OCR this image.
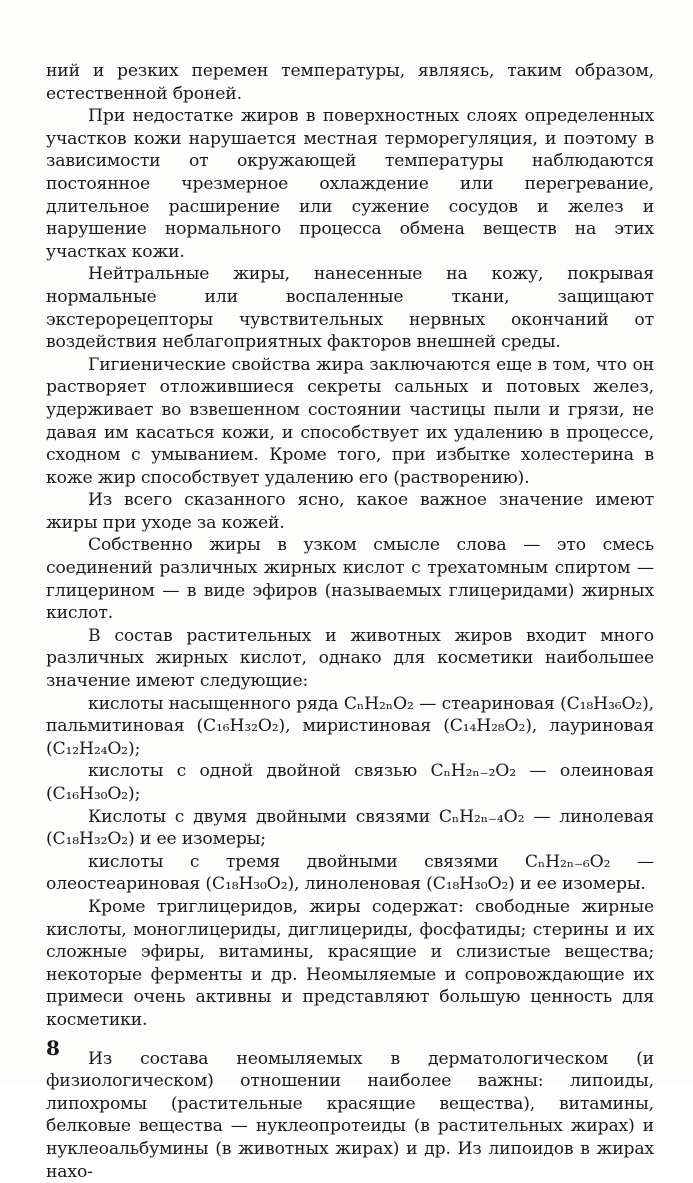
ний и резких перемен температуры, являясь, таким образом, естественной броней.

При недостатке жиров в поверхностных слоях определенных участков кожи нарушается местная терморегуляция, и поэтому в зависимости от окружающей температуры наблюдаются постоянное чрезмерное охлаждение или перегревание, длительное расширение или сужение сосудов и желез и нарушение нормального процесса обмена веществ на этих участках кожи.

Нейтральные жиры, нанесенные на кожу, покрывая нормальные или воспаленные ткани, защищают экстерорецепторы чувствительных нервных окончаний от воздействия неблагоприятных факторов внешней среды.

Гигиенические свойства жира заключаются еще в том, что он растворяет отложившиеся секреты сальных и потовых желез, удерживает во взвешенном состоянии частицы пыли и грязи, не давая им касаться кожи, и способствует их удалению в процессе, сходном с умыванием. Кроме того, при избытке холестерина в коже жир способствует удалению его (растворению).

Из всего сказанного ясно, какое важное значение имеют жиры при уходе за кожей.

Собственно жиры в узком смысле слова — это смесь соединений различных жирных кислот с трехатомным спиртом — глицерином — в виде эфиров (называемых глицеридами) жирных кислот.

В состав растительных и животных жиров входит много различных жирных кислот, однако для косметики наибольшее значение имеют следующие:

кислоты насыщенного ряда CₙH₂ₙO₂ — стеариновая (C₁₈H₃₆O₂), пальмитиновая (C₁₆H₃₂O₂), миристиновая (C₁₄H₂₈O₂), лауриновая (C₁₂H₂₄O₂);

кислоты с одной двойной связью CₙH₂ₙ₋₂O₂ — олеиновая (C₁₆H₃₀O₂);

Кислоты с двумя двойными связями CₙH₂ₙ₋₄O₂ — линолевая (C₁₈H₃₂O₂) и ее изомеры;

кислоты с тремя двойными связями CₙH₂ₙ₋₆O₂ — олеостеариновая (C₁₈H₃₀O₂), линоленовая (C₁₈H₃₀O₂) и ее изомеры.

Кроме триглицеридов, жиры содержат: свободные жирные кислоты, моноглицериды, диглицериды, фосфатиды; стерины и их сложные эфиры, витамины, красящие и слизистые вещества; некоторые ферменты и др. Неомыляемые и сопровождающие их примеси очень активны и представляют большую ценность для косметики.

Из состава неомыляемых в дерматологическом (и физиологическом) отношении наиболее важны: липоиды, липохромы (растительные красящие вещества), витамины, белковые вещества — нуклеопротеиды (в растительных жирах) и нуклеоальбумины (в животных жирах) и др. Из липоидов в жирах нахо-

8
